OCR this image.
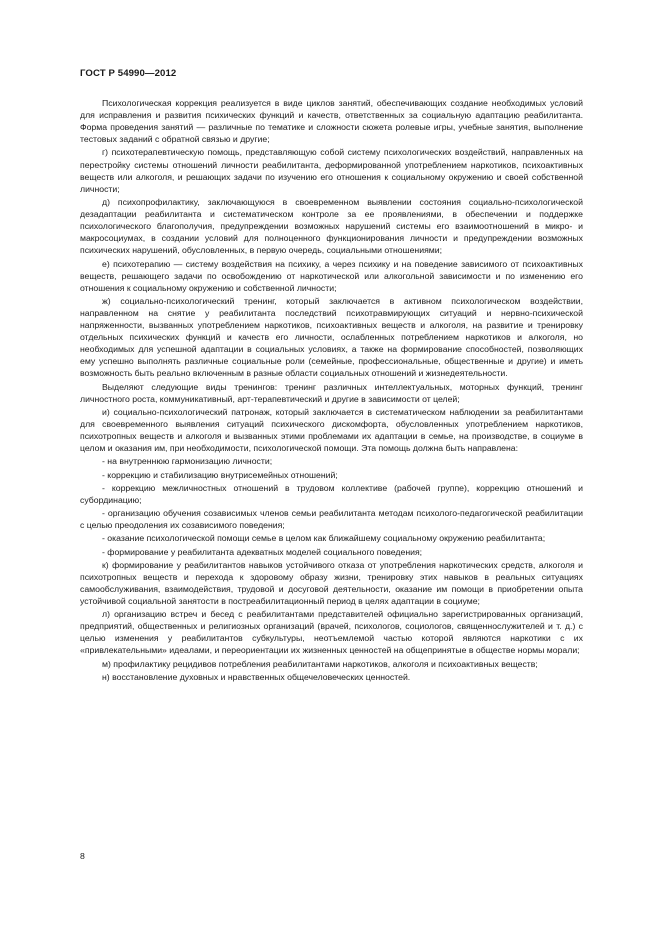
ГОСТ Р 54990—2012

Психологическая коррекция реализуется в виде циклов занятий, обеспечивающих создание необходимых условий для исправления и развития психических функций и качеств, ответственных за социальную адаптацию реабилитанта. Форма проведения занятий — различные по тематике и сложности сюжета ролевые игры, учебные занятия, выполнение тестовых заданий с обратной связью и другие;

г) психотерапевтическую помощь, представляющую собой систему психологических воздействий, направленных на перестройку системы отношений личности реабилитанта, деформированной употреблением наркотиков, психоактивных веществ или алкоголя, и решающих задачи по изучению его отношения к социальному окружению и своей собственной личности;

д) психопрофилактику, заключающуюся в своевременном выявлении состояния социально-психологической дезадаптации реабилитанта и систематическом контроле за ее проявлениями, в обеспечении и поддержке психологического благополучия, предупреждении возможных нарушений системы его взаимоотношений в микро- и макросоциумах, в создании условий для полноценного функционирования личности и предупреждении возможных психических нарушений, обусловленных, в первую очередь, социальными отношениями;

е) психотерапию — систему воздействия на психику, а через психику и на поведение зависимого от психоактивных веществ, решающего задачи по освобождению от наркотической или алкогольной зависимости и по изменению его отношения к социальному окружению и собственной личности;

ж) социально-психологический тренинг, который заключается в активном психологическом воздействии, направленном на снятие у реабилитанта последствий психотравмирующих ситуаций и нервно-психической напряженности, вызванных употреблением наркотиков, психоактивных веществ и алкоголя, на развитие и тренировку отдельных психических функций и качеств его личности, ослабленных потреблением наркотиков и алкоголя, но необходимых для успешной адаптации в социальных условиях, а также на формирование способностей, позволяющих ему успешно выполнять различные социальные роли (семейные, профессиональные, общественные и другие) и иметь возможность быть реально включенным в разные области социальных отношений и жизнедеятельности.

Выделяют следующие виды тренингов: тренинг различных интеллектуальных, моторных функций, тренинг личностного роста, коммуникативный, арт-терапевтический и другие в зависимости от целей;

и) социально-психологический патронаж, который заключается в систематическом наблюдении за реабилитантами для своевременного выявления ситуаций психического дискомфорта, обусловленных употреблением наркотиков, психотропных веществ и алкоголя и вызванных этими проблемами их адаптации в семье, на производстве, в социуме в целом и оказания им, при необходимости, психологической помощи. Эта помощь должна быть направлена:

- на внутреннюю гармонизацию личности;

- коррекцию и стабилизацию внутрисемейных отношений;

- коррекцию межличностных отношений в трудовом коллективе (рабочей группе), коррекцию отношений и субординацию;

- организацию обучения созависимых членов семьи реабилитанта методам психолого-педагогической реабилитации с целью преодоления их созависимого поведения;

- оказание психологической помощи семье в целом как ближайшему социальному окружению реабилитанта;

- формирование у реабилитанта адекватных моделей социального поведения;

к) формирование у реабилитантов навыков устойчивого отказа от употребления наркотических средств, алкоголя и психотропных веществ и перехода к здоровому образу жизни, тренировку этих навыков в реальных ситуациях самообслуживания, взаимодействия, трудовой и досуговой деятельности, оказание им помощи в приобретении опыта устойчивой социальной занятости в постреабилитационный период в целях адаптации в социуме;

л) организацию встреч и бесед с реабилитантами представителей официально зарегистрированных организаций, предприятий, общественных и религиозных организаций (врачей, психологов, социологов, священнослужителей и т. д.) с целью изменения у реабилитантов субкультуры, неотъемлемой частью которой являются наркотики с их «привлекательными» идеалами, и переориентации их жизненных ценностей на общепринятые в обществе нормы морали;

м) профилактику рецидивов потребления реабилитантами наркотиков, алкоголя и психоактивных веществ;

н) восстановление духовных и нравственных общечеловеческих ценностей.

8
